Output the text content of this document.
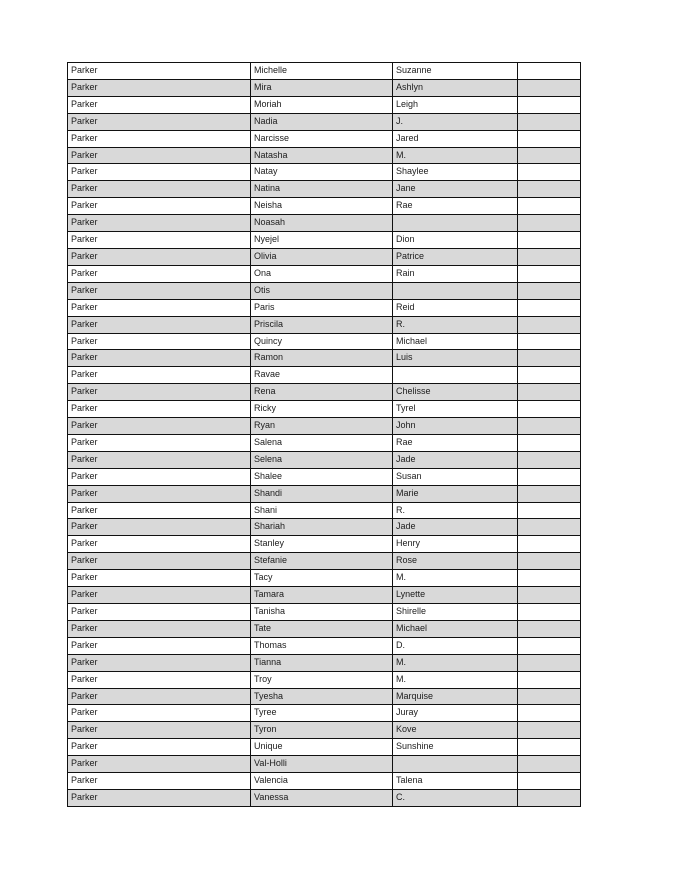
Parker	Michelle	Suzanne	
Parker	Mira	Ashlyn	
Parker	Moriah	Leigh	
Parker	Nadia	J.	
Parker	Narcisse	Jared	
Parker	Natasha	M.	
Parker	Natay	Shaylee	
Parker	Natina	Jane	
Parker	Neisha	Rae	
Parker	Noasah		
Parker	Nyejel	Dion	
Parker	Olivia	Patrice	
Parker	Ona	Rain	
Parker	Otis		
Parker	Paris	Reid	
Parker	Priscila	R.	
Parker	Quincy	Michael	
Parker	Ramon	Luis	
Parker	Ravae		
Parker	Rena	Chelisse	
Parker	Ricky	Tyrel	
Parker	Ryan	John	
Parker	Salena	Rae	
Parker	Selena	Jade	
Parker	Shalee	Susan	
Parker	Shandi	Marie	
Parker	Shani	R.	
Parker	Shariah	Jade	
Parker	Stanley	Henry	
Parker	Stefanie	Rose	
Parker	Tacy	M.	
Parker	Tamara	Lynette	
Parker	Tanisha	Shirelle	
Parker	Tate	Michael	
Parker	Thomas	D.	
Parker	Tianna	M.	
Parker	Troy	M.	
Parker	Tyesha	Marquise	
Parker	Tyree	Juray	
Parker	Tyron	Kove	
Parker	Unique	Sunshine	
Parker	Val-Holli		
Parker	Valencia	Talena	
Parker	Vanessa	C.	
